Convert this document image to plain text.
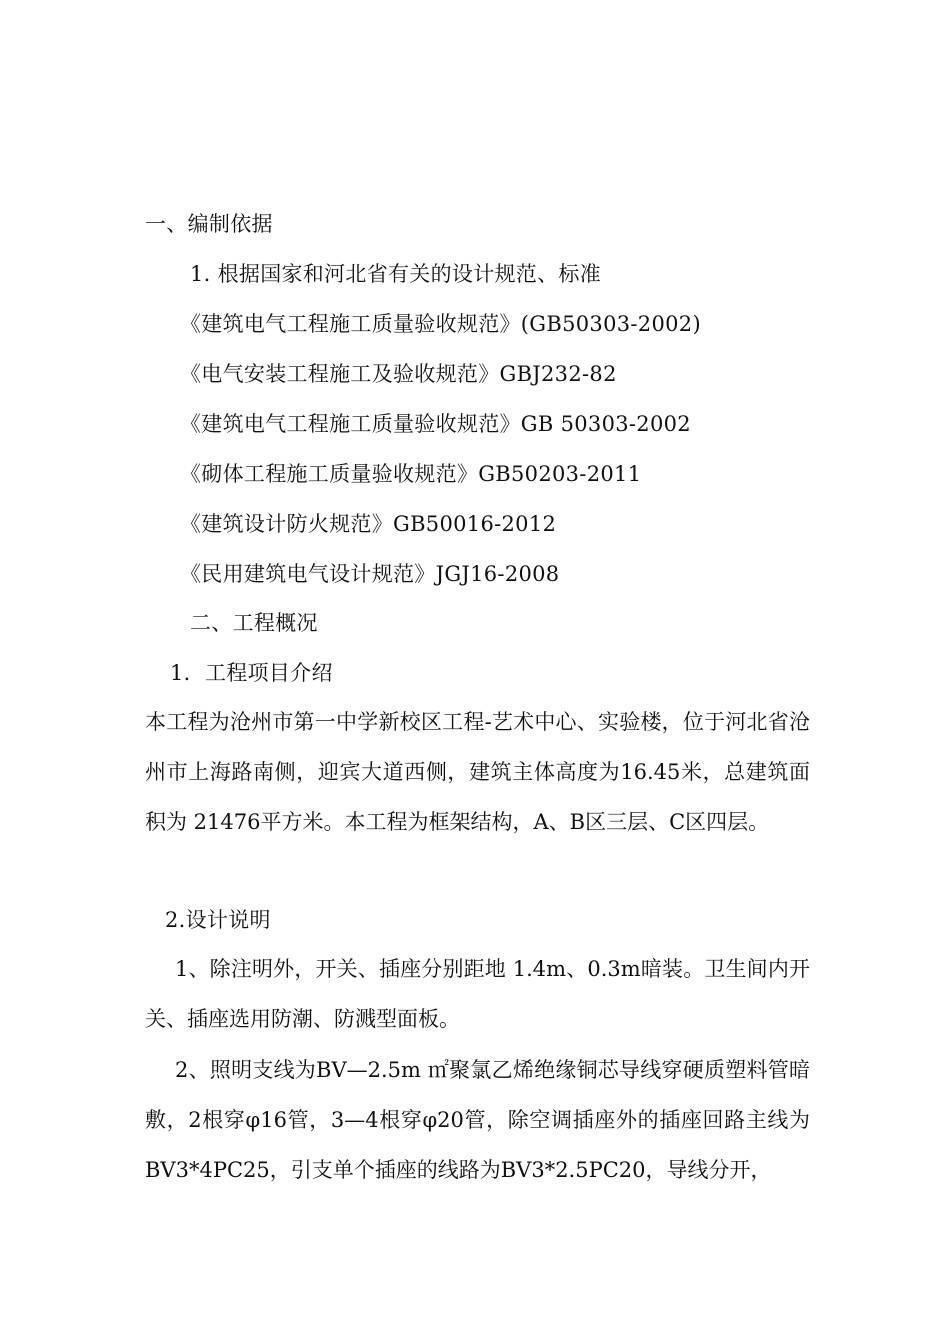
一、编制依据
1. 根据国家和河北省有关的设计规范、标准
《建筑电气工程施工质量验收规范》(GB50303-2002)
《电气安装工程施工及验收规范》GBJ232-82
《建筑电气工程施工质量验收规范》GB 50303-2002
《砌体工程施工质量验收规范》GB50203-2011
《建筑设计防火规范》GB50016-2012
《民用建筑电气设计规范》JGJ16-2008
二、工程概况
1．工程项目介绍
本工程为沧州市第一中学新校区工程-艺术中心、实验楼，位于河北省沧州市上海路南侧，迎宾大道西侧，建筑主体高度为16.45米，总建筑面积为 21476平方米。本工程为框架结构，A、B区三层、C区四层。
2.设计说明
1、除注明外，开关、插座分别距地 1.4m、0.3m暗装。卫生间内开关、插座选用防潮、防溅型面板。
2、照明支线为BV—2.5m ㎡聚氯乙烯绝缘铜芯导线穿硬质塑料管暗敷，2根穿φ16管，3—4根穿φ20管，除空调插座外的插座回路主线为BV3*4PC25，引支单个插座的线路为BV3*2.5PC20，导线分开，
